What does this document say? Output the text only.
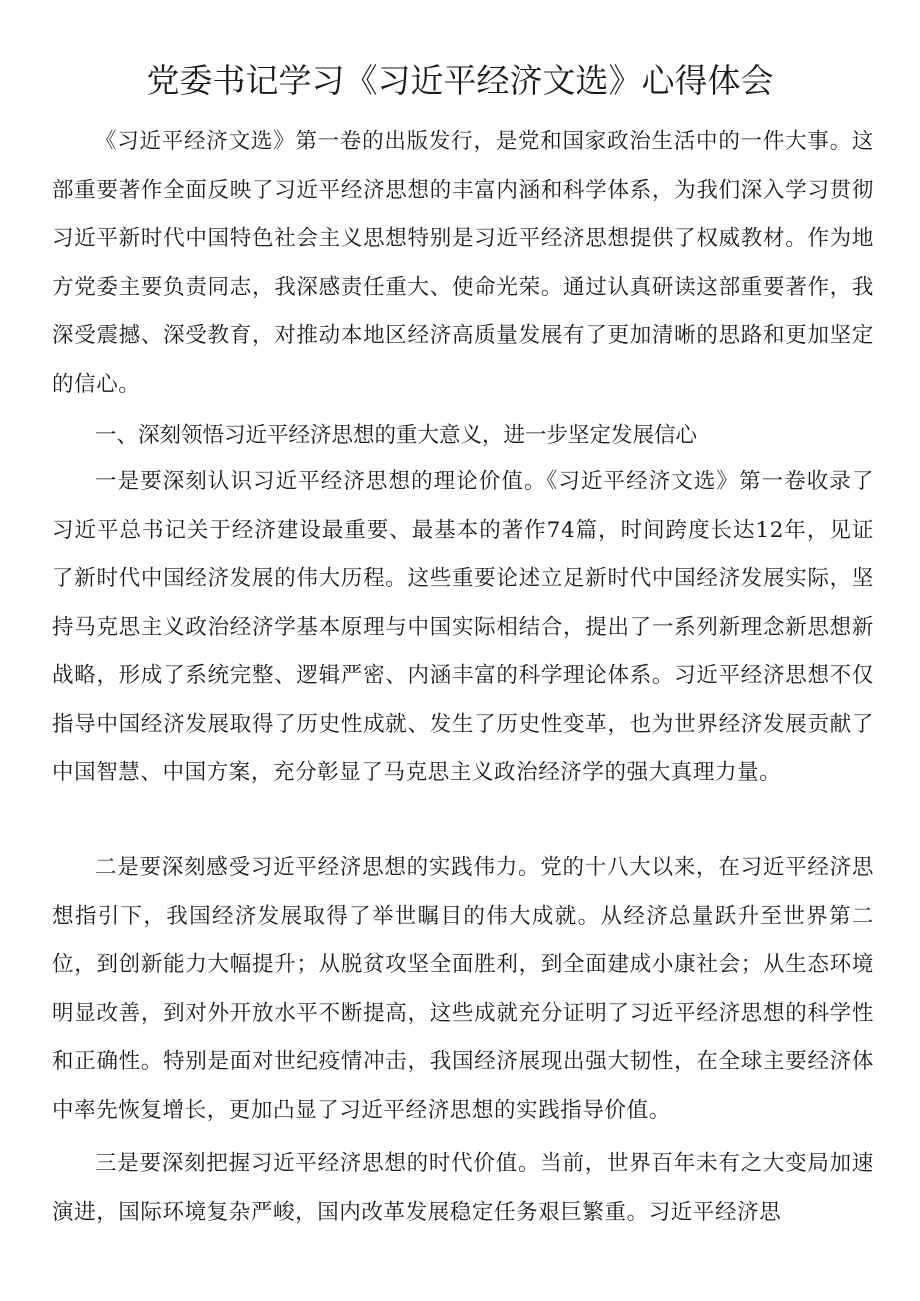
党委书记学习《习近平经济文选》心得体会

《习近平经济文选》第一卷的出版发行，是党和国家政治生活中的一件大事。这部重要著作全面反映了习近平经济思想的丰富内涵和科学体系，为我们深入学习贯彻习近平新时代中国特色社会主义思想特别是习近平经济思想提供了权威教材。作为地方党委主要负责同志，我深感责任重大、使命光荣。通过认真研读这部重要著作，我深受震撼、深受教育，对推动本地区经济高质量发展有了更加清晰的思路和更加坚定的信心。

一、深刻领悟习近平经济思想的重大意义，进一步坚定发展信心

一是要深刻认识习近平经济思想的理论价值。《习近平经济文选》第一卷收录了习近平总书记关于经济建设最重要、最基本的著作74篇，时间跨度长达12年，见证了新时代中国经济发展的伟大历程。这些重要论述立足新时代中国经济发展实际，坚持马克思主义政治经济学基本原理与中国实际相结合，提出了一系列新理念新思想新战略，形成了系统完整、逻辑严密、内涵丰富的科学理论体系。习近平经济思想不仅指导中国经济发展取得了历史性成就、发生了历史性变革，也为世界经济发展贡献了中国智慧、中国方案，充分彰显了马克思主义政治经济学的强大真理力量。

二是要深刻感受习近平经济思想的实践伟力。党的十八大以来，在习近平经济思想指引下，我国经济发展取得了举世瞩目的伟大成就。从经济总量跃升至世界第二位，到创新能力大幅提升；从脱贫攻坚全面胜利，到全面建成小康社会；从生态环境明显改善，到对外开放水平不断提高，这些成就充分证明了习近平经济思想的科学性和正确性。特别是面对世纪疫情冲击，我国经济展现出强大韧性，在全球主要经济体中率先恢复增长，更加凸显了习近平经济思想的实践指导价值。

三是要深刻把握习近平经济思想的时代价值。当前，世界百年未有之大变局加速演进，国际环境复杂严峻，国内改革发展稳定任务艰巨繁重。习近平经济思
